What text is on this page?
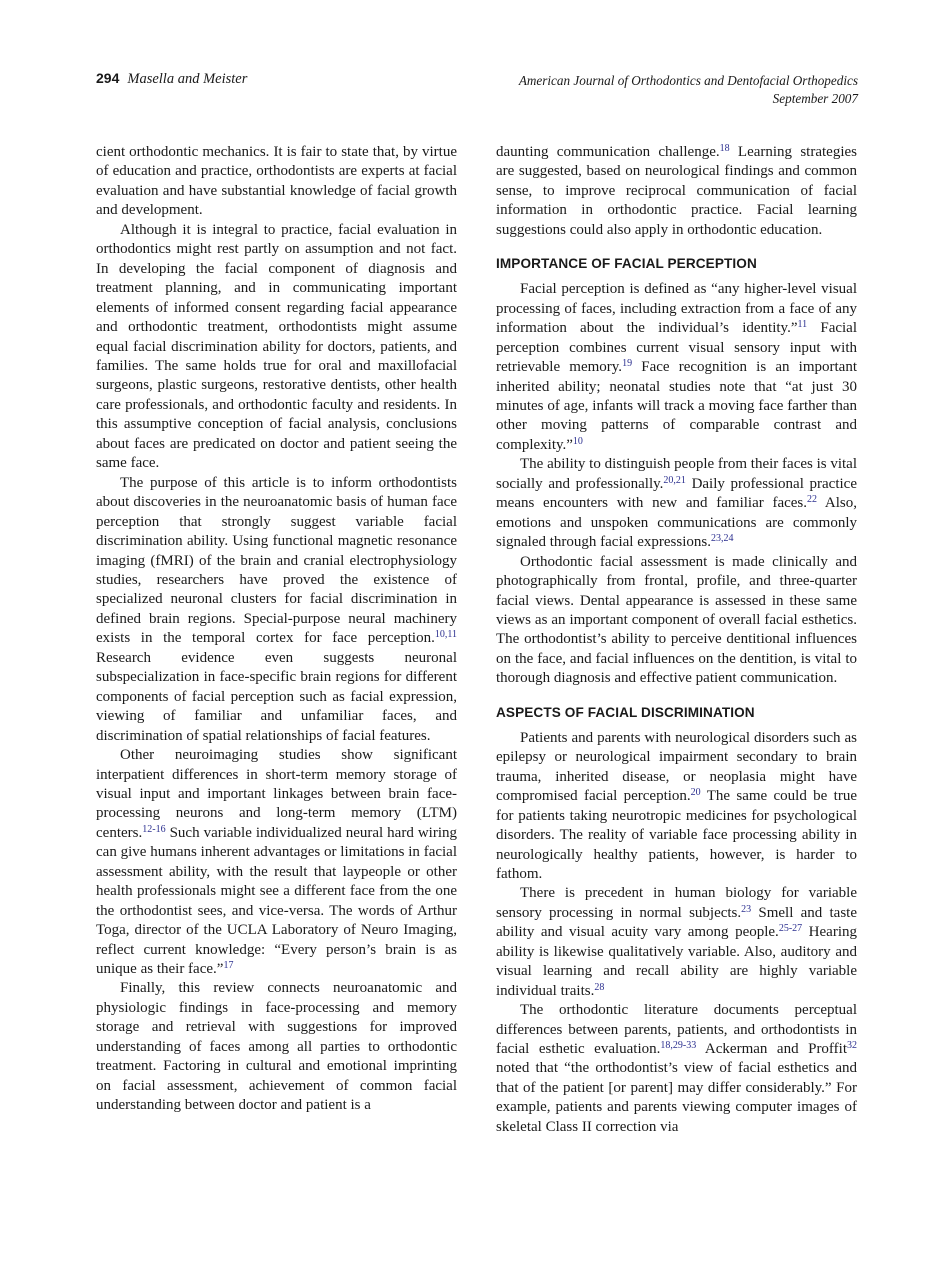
294 Masella and Meister	American Journal of Orthodontics and Dentofacial Orthopedics
September 2007

cient orthodontic mechanics. It is fair to state that, by virtue of education and practice, orthodontists are experts at facial evaluation and have substantial knowledge of facial growth and development.

Although it is integral to practice, facial evaluation in orthodontics might rest partly on assumption and not fact. In developing the facial component of diagnosis and treatment planning, and in communicating important elements of informed consent regarding facial appearance and orthodontic treatment, orthodontists might assume equal facial discrimination ability for doctors, patients, and families. The same holds true for oral and maxillofacial surgeons, plastic surgeons, restorative dentists, other health care professionals, and orthodontic faculty and residents. In this assumptive conception of facial analysis, conclusions about faces are predicated on doctor and patient seeing the same face.

The purpose of this article is to inform orthodontists about discoveries in the neuroanatomic basis of human face perception that strongly suggest variable facial discrimination ability. Using functional magnetic resonance imaging (fMRI) of the brain and cranial electrophysiology studies, researchers have proved the existence of specialized neuronal clusters for facial discrimination in defined brain regions. Special-purpose neural machinery exists in the temporal cortex for face perception.$^{10,11}$ Research evidence even suggests neuronal subspecialization in face-specific brain regions for different components of facial perception such as facial expression, viewing of familiar and unfamiliar faces, and discrimination of spatial relationships of facial features.

Other neuroimaging studies show significant interpatient differences in short-term memory storage of visual input and important linkages between brain face-processing neurons and long-term memory (LTM) centers.$^{12-16}$ Such variable individualized neural hard wiring can give humans inherent advantages or limitations in facial assessment ability, with the result that laypeople or other health professionals might see a different face from the one the orthodontist sees, and vice-versa. The words of Arthur Toga, director of the UCLA Laboratory of Neuro Imaging, reflect current knowledge: “Every person’s brain is as unique as their face.”$^{17}$

Finally, this review connects neuroanatomic and physiologic findings in face-processing and memory storage and retrieval with suggestions for improved understanding of faces among all parties to orthodontic treatment. Factoring in cultural and emotional imprinting on facial assessment, achievement of common facial understanding between doctor and patient is a

daunting communication challenge.$^{18}$ Learning strategies are suggested, based on neurological findings and common sense, to improve reciprocal communication of facial information in orthodontic practice. Facial learning suggestions could also apply in orthodontic education.

IMPORTANCE OF FACIAL PERCEPTION

Facial perception is defined as “any higher-level visual processing of faces, including extraction from a face of any information about the individual’s identity.”$^{11}$ Facial perception combines current visual sensory input with retrievable memory.$^{19}$ Face recognition is an important inherited ability; neonatal studies note that “at just 30 minutes of age, infants will track a moving face farther than other moving patterns of comparable contrast and complexity.”$^{10}$

The ability to distinguish people from their faces is vital socially and professionally.$^{20,21}$ Daily professional practice means encounters with new and familiar faces.$^{22}$ Also, emotions and unspoken communications are commonly signaled through facial expressions.$^{23,24}$

Orthodontic facial assessment is made clinically and photographically from frontal, profile, and three-quarter facial views. Dental appearance is assessed in these same views as an important component of overall facial esthetics. The orthodontist’s ability to perceive dentitional influences on the face, and facial influences on the dentition, is vital to thorough diagnosis and effective patient communication.

ASPECTS OF FACIAL DISCRIMINATION

Patients and parents with neurological disorders such as epilepsy or neurological impairment secondary to brain trauma, inherited disease, or neoplasia might have compromised facial perception.$^{20}$ The same could be true for patients taking neurotropic medicines for psychological disorders. The reality of variable face processing ability in neurologically healthy patients, however, is harder to fathom.

There is precedent in human biology for variable sensory processing in normal subjects.$^{23}$ Smell and taste ability and visual acuity vary among people.$^{25-27}$ Hearing ability is likewise qualitatively variable. Also, auditory and visual learning and recall ability are highly variable individual traits.$^{28}$

The orthodontic literature documents perceptual differences between parents, patients, and orthodontists in facial esthetic evaluation.$^{18,29-33}$ Ackerman and Proffit$^{32}$ noted that “the orthodontist’s view of facial esthetics and that of the patient [or parent] may differ considerably.” For example, patients and parents viewing computer images of skeletal Class II correction via
